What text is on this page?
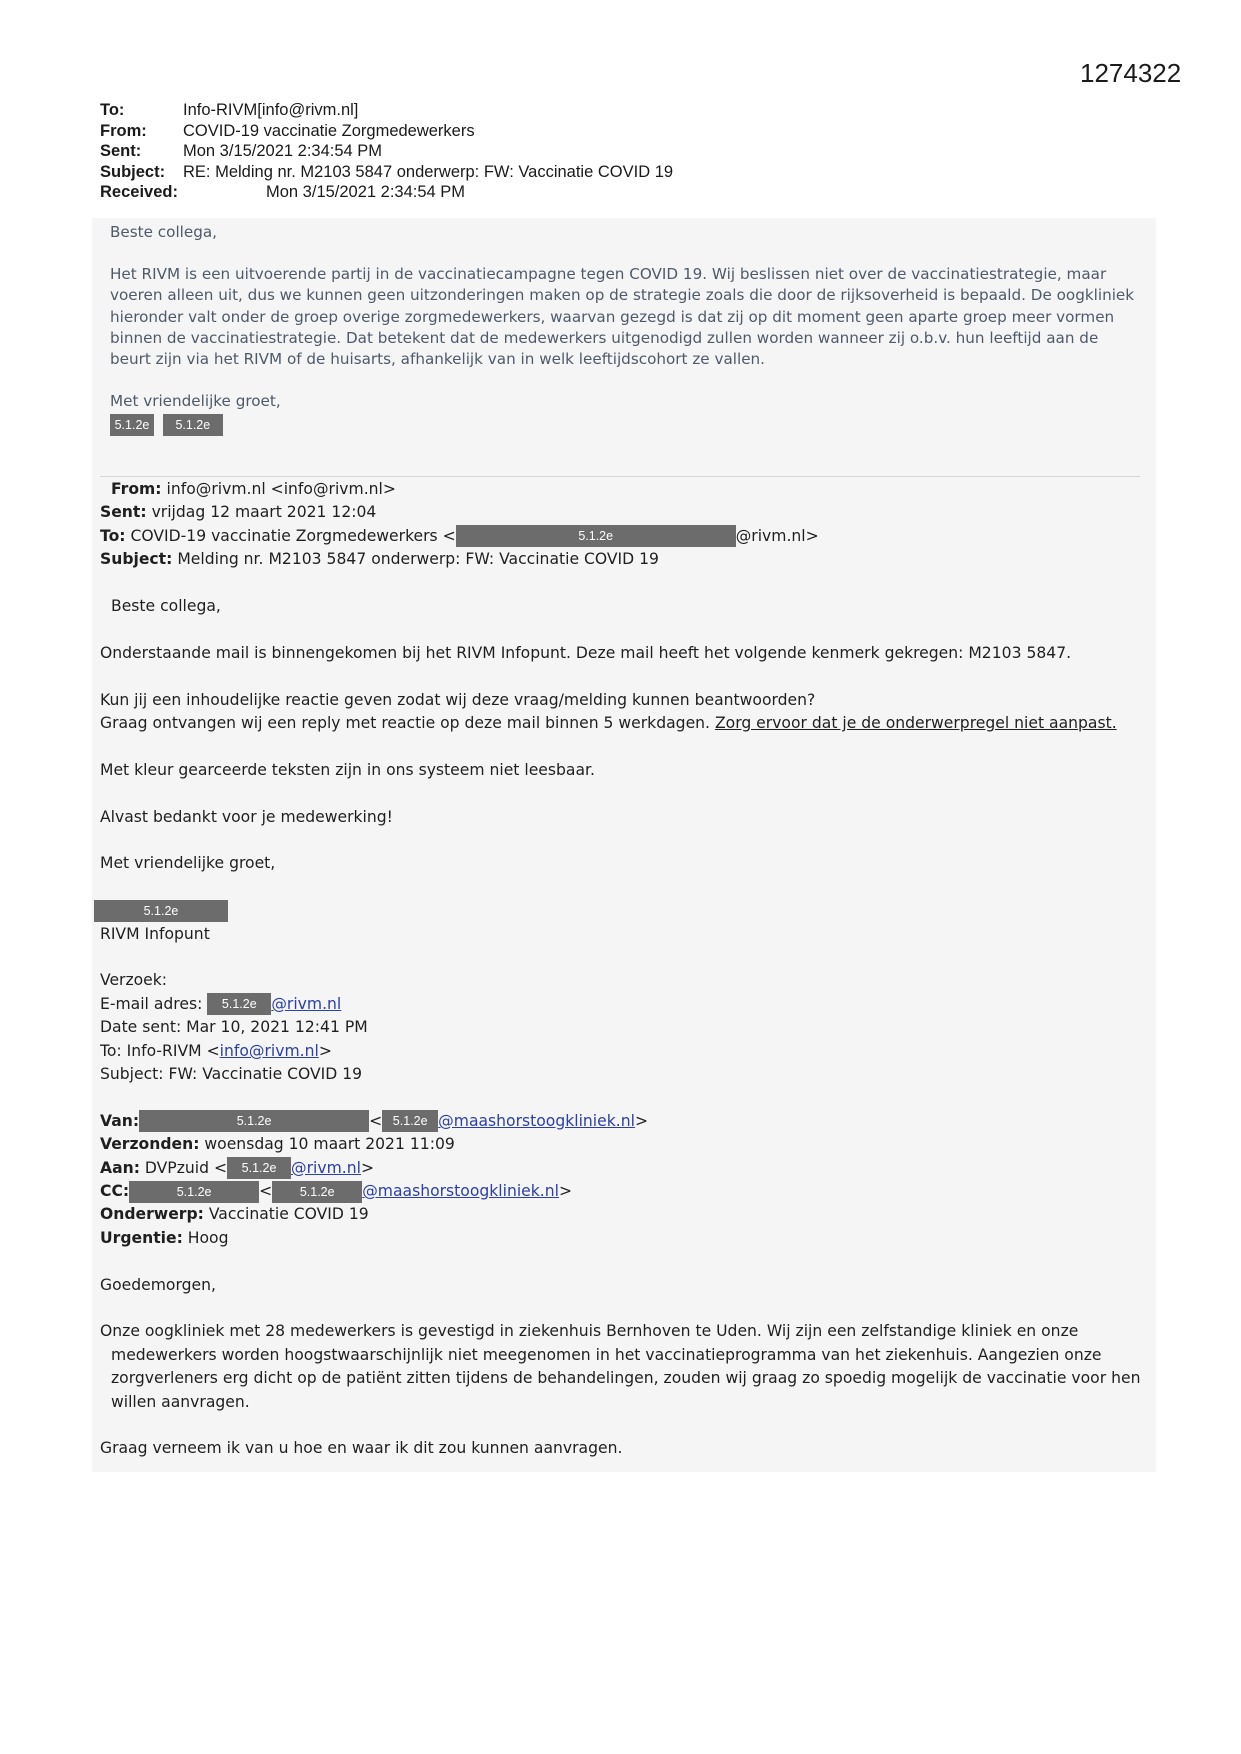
1274322
To:	Info-RIVM[info@rivm.nl]
From: COVID-19 vaccinatie Zorgmedewerkers
Sent:	Mon 3/15/2021 2:34:54 PM
Subject: RE: Melding nr. M2103 5847 onderwerp: FW: Vaccinatie COVID 19
Received:	Mon 3/15/2021 2:34:54 PM

Beste collega,

Het RIVM is een uitvoerende partij in de vaccinatiecampagne tegen COVID 19. Wij beslissen niet over de vaccinatiestrategie, maar voeren alleen uit, dus we kunnen geen uitzonderingen maken op de strategie zoals die door de rijksoverheid is bepaald. De oogkliniek hieronder valt onder de groep overige zorgmedewerkers, waarvan gezegd is dat zij op dit moment geen aparte groep meer vormen binnen de vaccinatiestrategie. Dat betekent dat de medewerkers uitgenodigd zullen worden wanneer zij o.b.v. hun leeftijd aan de beurt zijn via het RIVM of de huisarts, afhankelijk van in welk leeftijdscohort ze vallen.

Met vriendelijke groet,

5.1.2e 5.1.2e

From: info@rivm.nl <info@rivm.nl>

Sent: vrijdag 12 maart 2021 12:04

To: COVID-19 vaccinatie Zorgmedewerkers <	5.1.2e	@rivm.nl>

Subject: Melding nr. M2103 5847 onderwerp: FW: Vaccinatie COVID 19

Beste collega,

Onderstaande mail is binnengekomen bij het RIVM Infopunt. Deze mail heeft het volgende kenmerk gekregen: M2103 5847.

Kun jij een inhoudelijke reactie geven zodat wij deze vraag/melding kunnen beantwoorden?

Graag ontvangen wij een reply met reactie op deze mail binnen 5 werkdagen. Zorg ervoor dat je de onderwerpregel niet aanpast.

Met kleur gearceerde teksten zijn in ons systeem niet leesbaar.

Alvast bedankt voor je medewerking!

Met vriendelijke groet,

5.1.2e

RIVM Infopunt

Verzoek:

E-mail adres: 5.1.2e @rivm.nl

Date sent: Mar 10, 2021 12:41 PM

To: Info-RIVM <info@rivm.nl>

Subject: FW: Vaccinatie COVID 19

Van:	5.1.2e	< 5.1.2e @maashorstoogkliniek.nl>

Verzonden: woensdag 10 maart 2021 11:09

Aan: DVPzuid < 5.1.2e @rivm.nl>

CC:	5.1.2e	< 5.1.2e @maashorstoogkliniek.nl>

Onderwerp: Vaccinatie COVID 19

Urgentie: Hoog

Goedemorgen,

Onze oogkliniek met 28 medewerkers is gevestigd in ziekenhuis Bernhoven te Uden. Wij zijn een zelfstandige kliniek en onze medewerkers worden hoogstwaarschijnlijk niet meegenomen in het vaccinatieprogramma van het ziekenhuis. Aangezien onze zorgverleners erg dicht op de patiënt zitten tijdens de behandelingen, zouden wij graag zo spoedig mogelijk de vaccinatie voor hen willen aanvragen.

Graag verneem ik van u hoe en waar ik dit zou kunnen aanvragen.
